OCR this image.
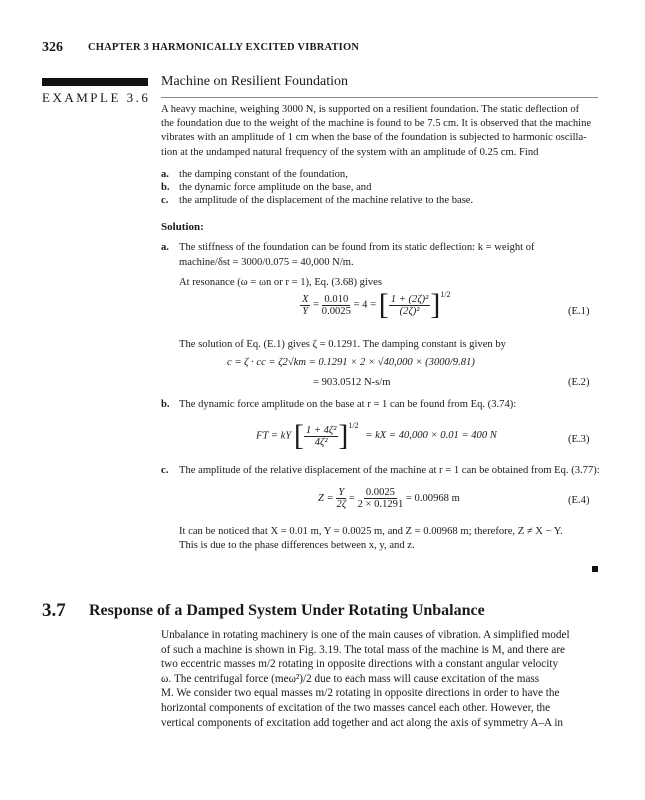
326 CHAPTER 3 HARMONICALLY EXCITED VIBRATION
EXAMPLE 3.6
Machine on Resilient Foundation
A heavy machine, weighing 3000 N, is supported on a resilient foundation. The static deflection of
the foundation due to the weight of the machine is found to be 7.5 cm. It is observed that the machine
vibrates with an amplitude of 1 cm when the base of the foundation is subjected to harmonic oscilla-
tion at the undamped natural frequency of the system with an amplitude of 0.25 cm. Find
a. the damping constant of the foundation,
b. the dynamic force amplitude on the base, and
c. the amplitude of the displacement of the machine relative to the base.
Solution:
a. The stiffness of the foundation can be found from its static deflection: k = weight of
machine/δst = 3000/0.075 = 40,000 N/m.
At resonance (ω = ωn or r = 1), Eq. (3.68) gives
$\frac{X}{Y} = \frac{0.010}{0.0025} = 4$ = [ $\frac{\text{1 + (2ζ)²}}{\text{(2ζ)²}} ]^{1/2}$
(E.1)
The solution of Eq. (E.1) gives ζ = 0.1291. The damping constant is given by
c = ζ · cc = ζ2√km = 0.1291 × 2 × √40,000 × (3000/9.81)
= 903.0512 N-s/m	(E.2)
b. The dynamic force amplitude on the base at r = 1 can be found from Eq. (3.74):
FT = kY [ $\frac{\text{1 + 4ζ²}}{\text{4ζ²}} ]^{1/2}$ = kX = 40,000 × 0.01 = 400 N	(E.3)
c. The amplitude of the relative displacement of the machine at r = 1 can be obtained from Eq. (3.77):
$Z = \frac{Y}{2\zeta} = \frac{0.0025}{2 \times 0.1291} = 0.00968$ m	(E.4)
It can be noticed that X = 0.01 m, Y = 0.0025 m, and Z = 0.00968 m; therefore, Z ≠ X − Y.
This is due to the phase differences between x, y, and z.
3.7 Response of a Damped System Under Rotating Unbalance
Unbalance in rotating machinery is one of the main causes of vibration. A simplified model
of such a machine is shown in Fig. 3.19. The total mass of the machine is M, and there are
two eccentric masses m/2 rotating in opposite directions with a constant angular velocity
ω. The centrifugal force (meω²)/2 due to each mass will cause excitation of the mass
M. We consider two equal masses m/2 rotating in opposite directions in order to have the
horizontal components of excitation of the two masses cancel each other. However, the
vertical components of excitation add together and act along the axis of symmetry A–A in
